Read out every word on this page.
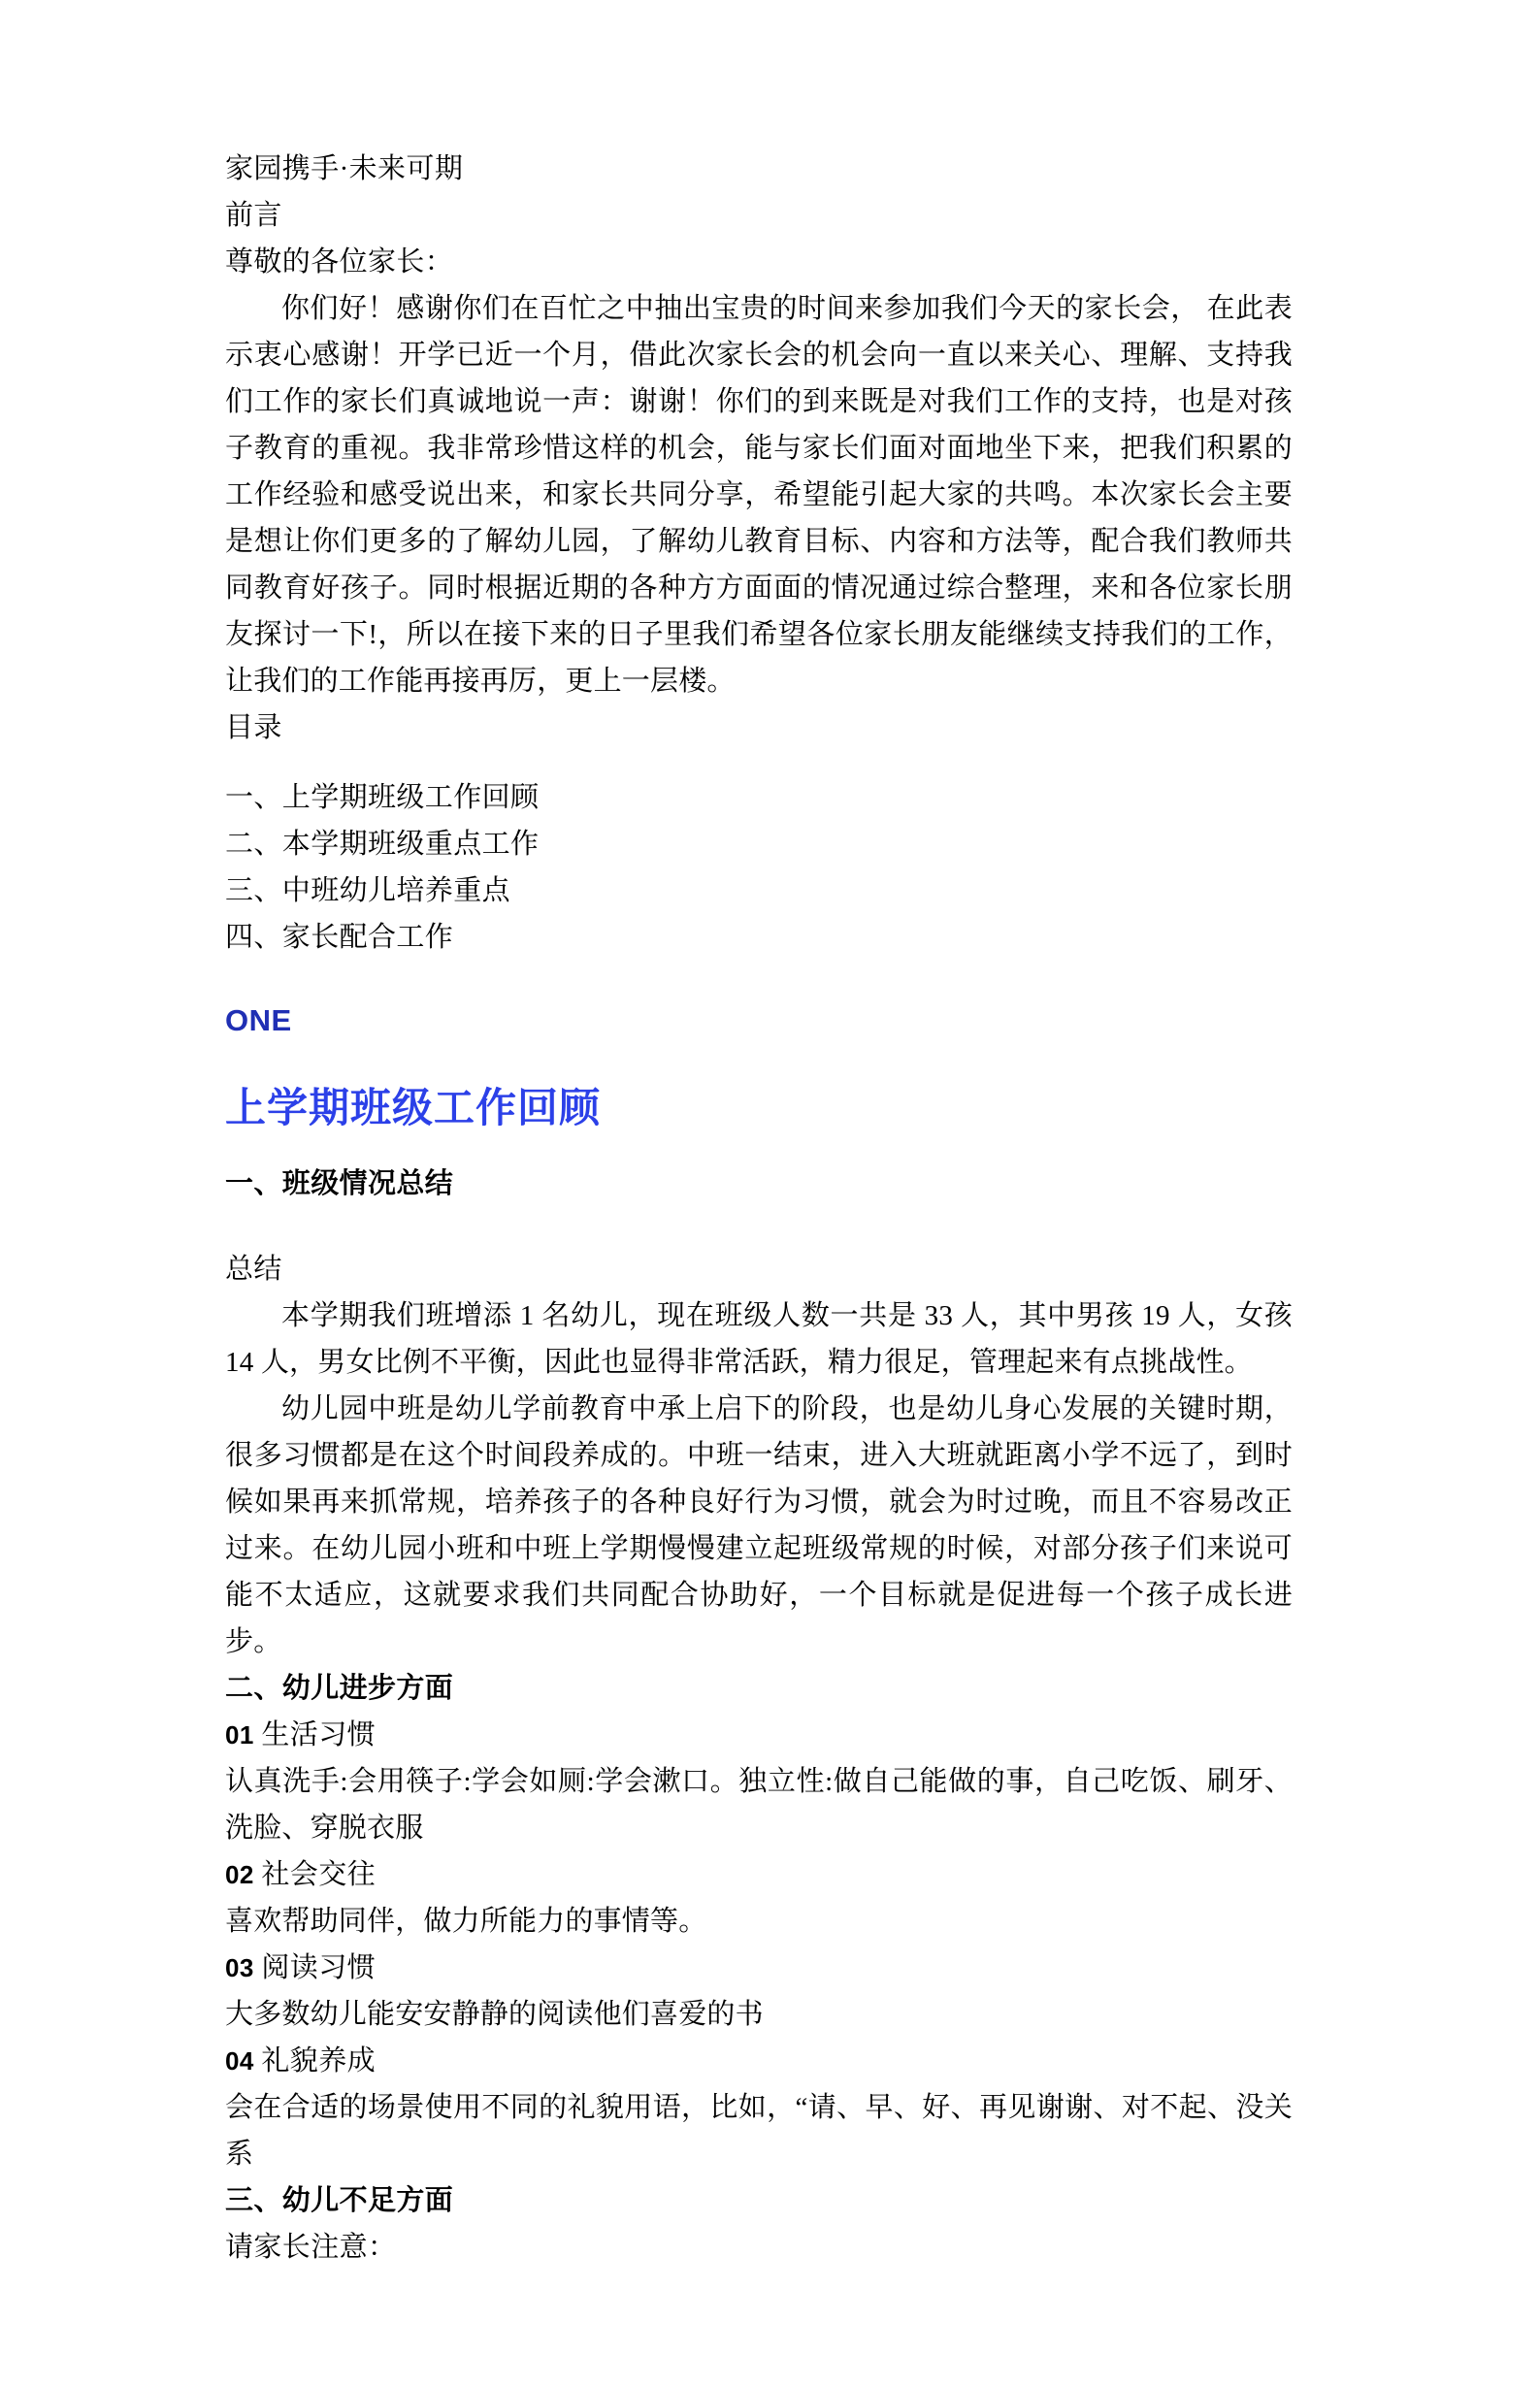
家园携手·未来可期
前言
尊敬的各位家长：

你们好！感谢你们在百忙之中抽出宝贵的时间来参加我们今天的家长会， 在此表示衷心感谢！开学已近一个月，借此次家长会的机会向一直以来关心、理解、支持我们工作的家长们真诚地说一声：谢谢！你们的到来既是对我们工作的支持，也是对孩子教育的重视。我非常珍惜这样的机会，能与家长们面对面地坐下来，把我们积累的工作经验和感受说出来，和家长共同分享，希望能引起大家的共鸣。本次家长会主要是想让你们更多的了解幼儿园，了解幼儿教育目标、内容和方法等，配合我们教师共同教育好孩子。同时根据近期的各种方方面面的情况通过综合整理，来和各位家长朋友探讨一下!，所以在接下来的日子里我们希望各位家长朋友能继续支持我们的工作，让我们的工作能再接再厉，更上一层楼。

目录
一、上学期班级工作回顾
二、本学期班级重点工作
三、中班幼儿培养重点
四、家长配合工作
ONE
上学期班级工作回顾
一、班级情况总结
总结

本学期我们班增添 1 名幼儿，现在班级人数一共是 33 人，其中男孩 19 人，女孩 14 人，男女比例不平衡，因此也显得非常活跃，精力很足，管理起来有点挑战性。

幼儿园中班是幼儿学前教育中承上启下的阶段，也是幼儿身心发展的关键时期，很多习惯都是在这个时间段养成的。中班一结束，进入大班就距离小学不远了，到时候如果再来抓常规，培养孩子的各种良好行为习惯，就会为时过晚，而且不容易改正过来。在幼儿园小班和中班上学期慢慢建立起班级常规的时候，对部分孩子们来说可能不太适应，这就要求我们共同配合协助好，一个目标就是促进每一个孩子成长进步。

二、幼儿进步方面
01 生活习惯

认真洗手:会用筷子:学会如厕:学会漱口。独立性:做自己能做的事，自己吃饭、刷牙、洗脸、穿脱衣服

02 社会交往

喜欢帮助同伴，做力所能力的事情等。

03 阅读习惯

大多数幼儿能安安静静的阅读他们喜爱的书

04 礼貌养成

会在合适的场景使用不同的礼貌用语，比如，“请、早、好、再见谢谢、对不起、没关系

三、幼儿不足方面
请家长注意：
